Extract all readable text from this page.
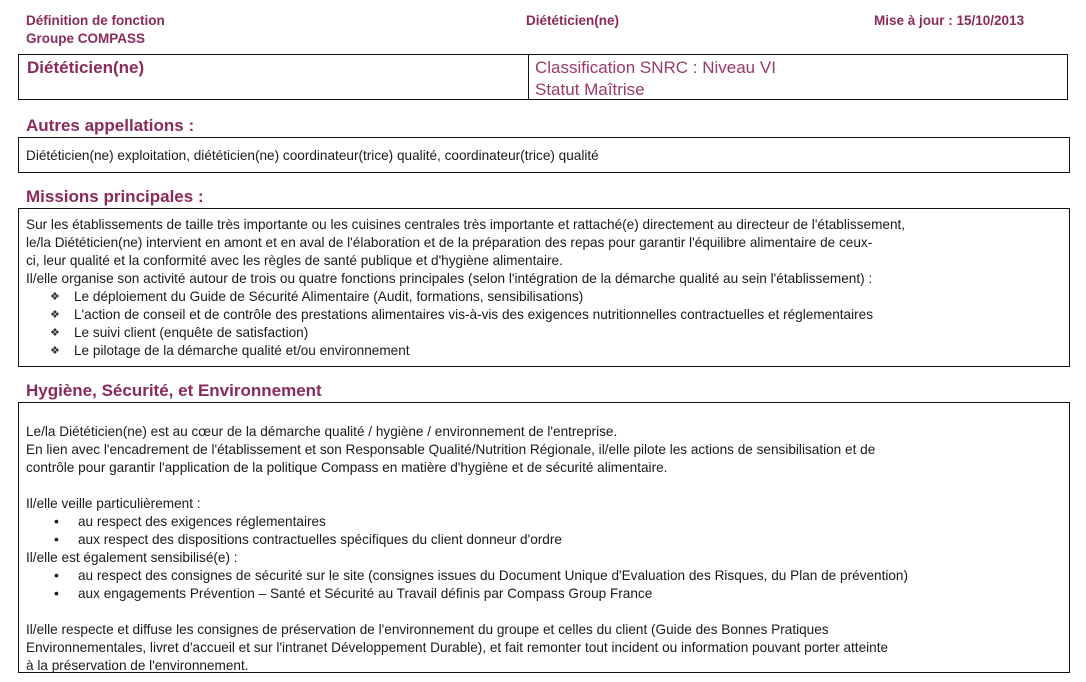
Définition de fonction
Groupe COMPASS
Diététicien(ne)	Mise à jour : 15/10/2013
Diététicien(ne)	Classification SNRC : Niveau VI
Statut Maîtrise
Autres appellations :

Diététicien(ne) exploitation, diététicien(ne) coordinateur(trice) qualité, coordinateur(trice) qualité

Missions principales :

Sur les établissements de taille très importante ou les cuisines centrales très importante et rattaché(e) directement au directeur de l'établissement,

le/la Diététicien(ne) intervient en amont et en aval de l'élaboration et de la préparation des repas pour garantir l'équilibre alimentaire de ceux-

ci, leur qualité et la conformité avec les règles de santé publique et d'hygiène alimentaire.

Il/elle organise son activité autour de trois ou quatre fonctions principales (selon l'intégration de la démarche qualité au sein l'établissement) :

❖ Le déploiement du Guide de Sécurité Alimentaire (Audit, formations, sensibilisations)
❖ L'action de conseil et de contrôle des prestations alimentaires vis-à-vis des exigences nutritionnelles contractuelles et réglementaires
❖ Le suivi client (enquête de satisfaction)
❖ Le pilotage de la démarche qualité et/ou environnement
Hygiène, Sécurité, et Environnement

Le/la Diététicien(ne) est au cœur de la démarche qualité / hygiène / environnement de l'entreprise.

En lien avec l'encadrement de l'établissement et son Responsable Qualité/Nutrition Régionale, il/elle pilote les actions de sensibilisation et de

contrôle pour garantir l'application de la politique Compass en matière d'hygiène et de sécurité alimentaire.

Il/elle veille particulièrement :

• au respect des exigences réglementaires
• aux respect des dispositions contractuelles spécifiques du client donneur d'ordre

Il/elle est également sensibilisé(e) :

• au respect des consignes de sécurité sur le site (consignes issues du Document Unique d'Evaluation des Risques, du Plan de prévention)
• aux engagements Prévention – Santé et Sécurité au Travail définis par Compass Group France

Il/elle respecte et diffuse les consignes de préservation de l'environnement du groupe et celles du client (Guide des Bonnes Pratiques

Environnementales, livret d'accueil et sur l'intranet Développement Durable), et fait remonter tout incident ou information pouvant porter atteinte

à la préservation de l'environnement.
